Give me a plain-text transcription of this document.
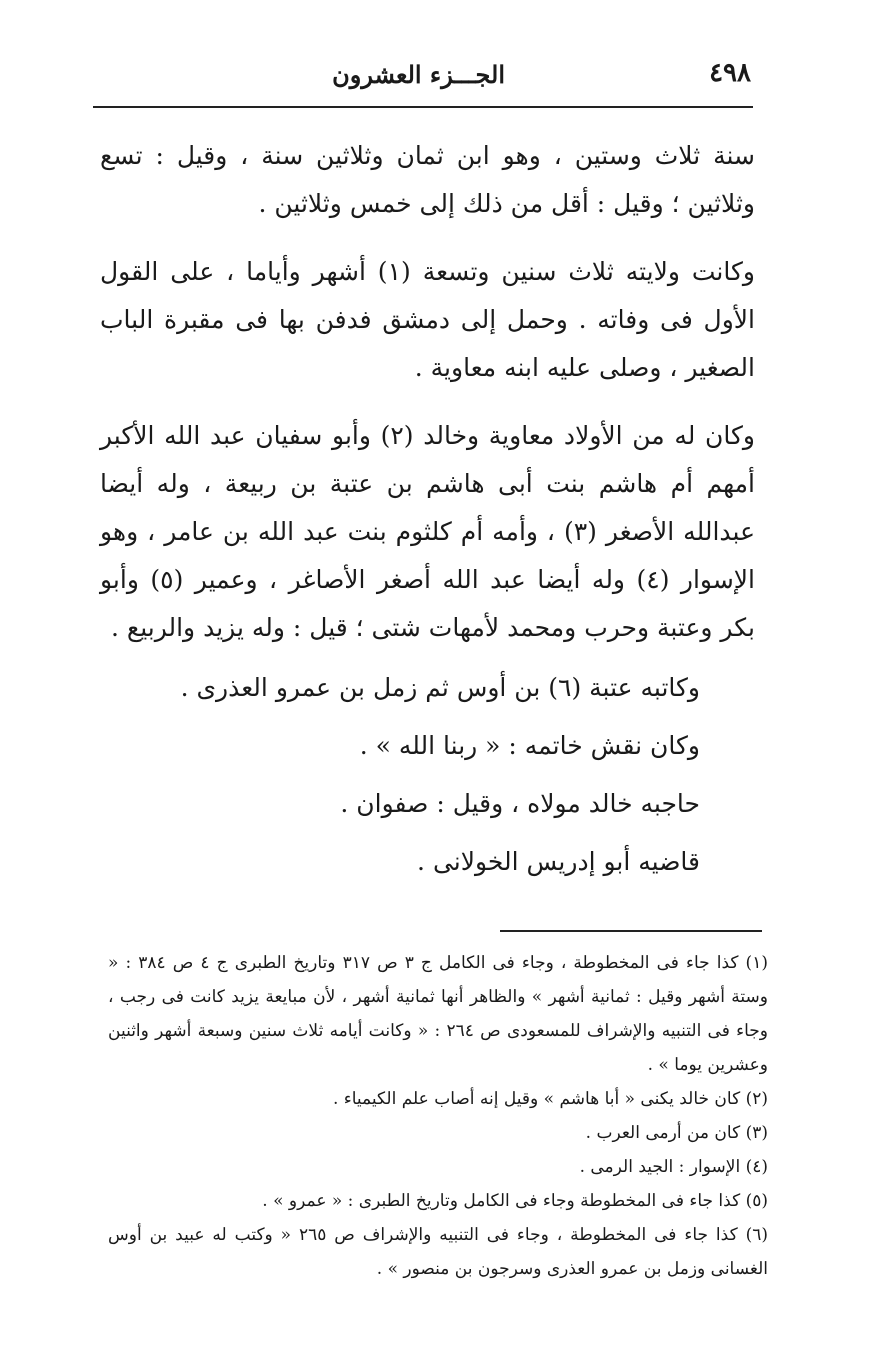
٤٩٨
الجـــزء العشرون

سنة ثلاث وستين ، وهو ابن ثمان وثلاثين سنة ، وقيل : تسع وثلاثين ؛ وقيل : أقل من ذلك إلى خمس وثلاثين .

وكانت ولايته ثلاث سنين وتسعة (١) أشهر وأياما ، على القول الأول فى وفاته . وحمل إلى دمشق فدفن بها فى مقبرة الباب الصغير ، وصلى عليه ابنه معاوية .

وكان له من الأولاد معاوية وخالد (٢) وأبو سفيان عبد الله الأكبر أمهم أم هاشم بنت أبى هاشم بن عتبة بن ربيعة ، وله أيضا عبدالله الأصغر (٣) ، وأمه أم كلثوم بنت عبد الله بن عامر ، وهو الإسوار (٤) وله أيضا عبد الله أصغر الأصاغر ، وعمير (٥) وأبو بكر وعتبة وحرب ومحمد لأمهات شتى ؛ قيل : وله يزيد والربيع .

وكاتبه عتبة (٦) بن أوس ثم زمل بن عمرو العذرى .

وكان نقش خاتمه : « ربنا الله » .

حاجبه خالد مولاه ، وقيل : صفوان .

قاضيه أبو إدريس الخولانى .

(١) كذا جاء فى المخطوطة ، وجاء فى الكامل ج ٣ ص ٣١٧ وتاريخ الطبرى ج ٤ ص ٣٨٤ : « وستة أشهر وقيل : ثمانية أشهر » والظاهر أنها ثمانية أشهر ، لأن مبايعة يزيد كانت فى رجب ، وجاء فى التنبيه والإشراف للمسعودى ص ٢٦٤ : « وكانت أيامه ثلاث سنين وسبعة أشهر واثنين وعشرين يوما » .

(٢) كان خالد يكنى « أبا هاشم » وقيل إنه أصاب علم الكيمياء .

(٣) كان من أرمى العرب .

(٤) الإسوار : الجيد الرمى .

(٥) كذا جاء فى المخطوطة وجاء فى الكامل وتاريخ الطبرى : « عمرو » .

(٦) كذا جاء فى المخطوطة ، وجاء فى التنبيه والإشراف ص ٢٦٥ « وكتب له عبيد بن أوس الغسانى وزمل بن عمرو العذرى وسرجون بن منصور » .
